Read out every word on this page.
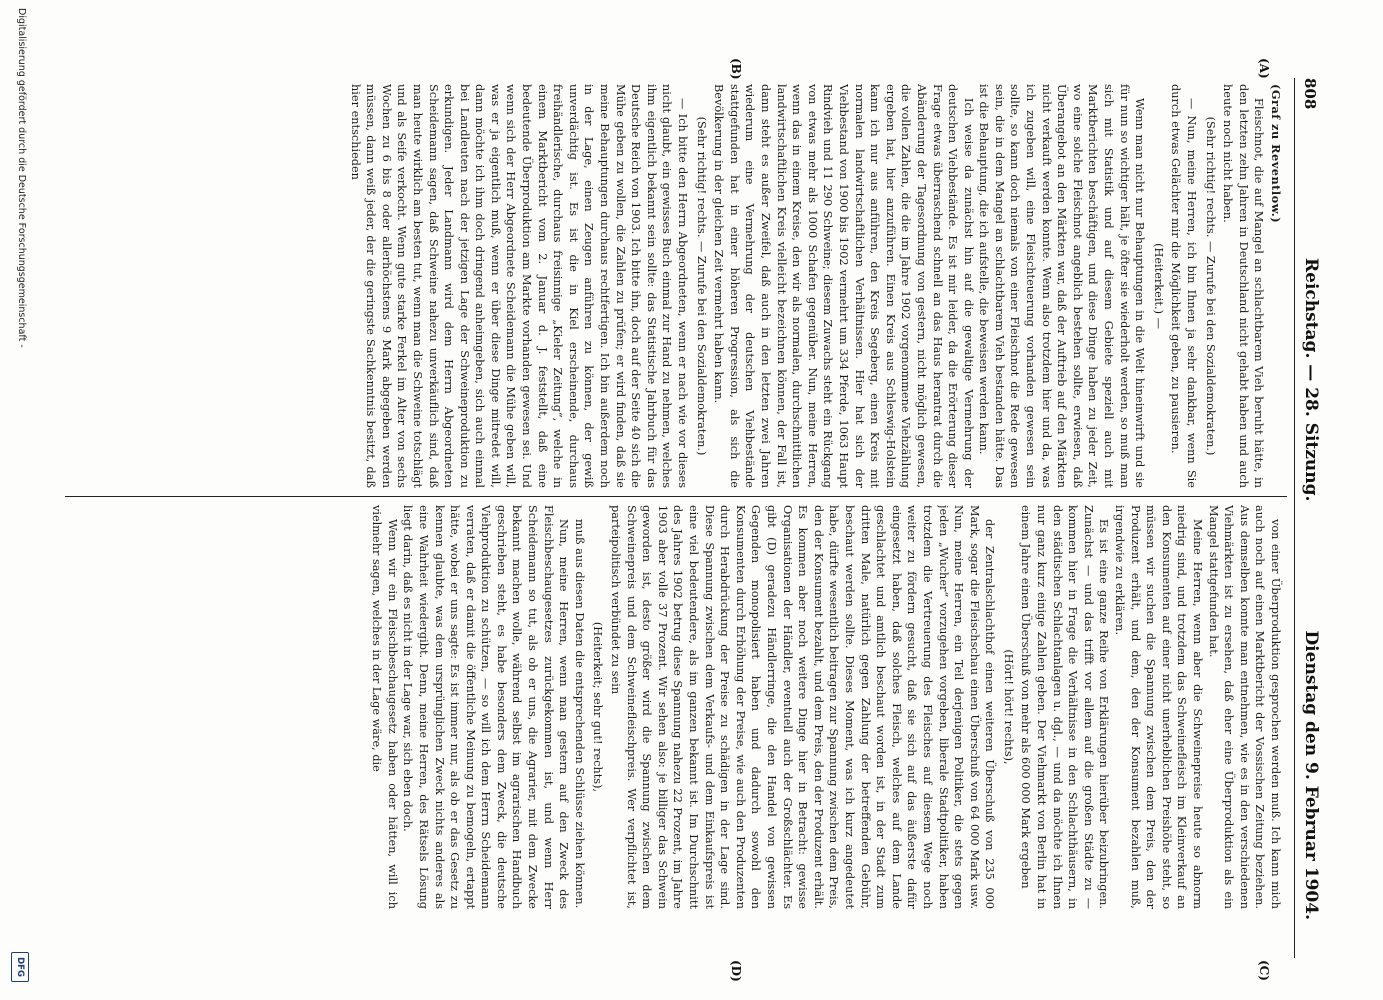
808
Reichstag. — 28. Sitzung.
Dienstag den 9. Februar 1904.
(A)
(B)
(C)
(D)

(Graf zu Reventlow.)

Fleischnot, die auf Mangel an schlachtbarem Vieh beruht hätte, in den letzten zehn Jahren in Deutschland nicht gehabt haben und auch heute noch nicht haben.

(Sehr richtig! rechts. — Zurufe bei den Sozialdemokraten.)

— Nun, meine Herren, ich bin Ihnen ja sehr dankbar, wenn Sie durch etwas Gelächter mir die Möglichkeit geben, zu pausieren.

(Heiterkeit.) —

Wenn man nicht nur Behauptungen in die Welt hineinwirft und sie für nun so wichtiger hält, je öfter sie wiederholt werden, so muß man sich mit Statistik und auf diesem Gebiete speziell auch mit Marktberichten beschäftigen, und diese Dinge haben zu jeder Zeit, wo eine solche Fleischnot angeblich bestehen sollte, erwiesen, daß Überangebot an den Märkten war, daß der Auftrieb auf den Märkten nicht verkauft werden konnte. Wenn also trotzdem hier und da, was ich zugeben will, eine Fleischteuerung vorhanden gewesen sein sollte, so kann doch niemals von einer Fleischnot die Rede gewesen sein, die in dem Mangel an schlachtbarem Vieh bestanden hätte. Das ist die Behauptung, die ich aufstelle, die beweisen werden kann.

Ich weise da zunächst hin auf die gewaltige Vermehrung der deutschen Viehbestände. Es ist mir leider, da die Erörterung dieser Frage etwas überraschend schnell an das Haus herantrat durch die Abänderung der Tagesordnung von gestern, nicht möglich gewesen, die vollen Zahlen, die die im Jahre 1902 vorgenommene Viehzählung ergeben hat, hier anzuführen. Einen Kreis aus Schleswig-Holstein kann ich nur aus anführen, den Kreis Segeberg, einen Kreis mit normalen landwirtschaftlichen Verhältnissen. Hier hat sich der Viehbestand von 1900 bis 1902 vermehrt um 334 Pferde, 1063 Haupt Rindvieh und 11 290 Schweine; diesem Zuwachs steht ein Rückgang von etwas mehr als 1000 Schafen gegenüber. Nun, meine Herren, wenn das in einem Kreise, den wir als normalen, durchschnittlichen landwirtschaftlichen Kreis vielleicht bezeichnen können, der Fall ist, dann steht es außer Zweifel, daß auch in den letzten zwei Jahren wiederum eine Vermehrung der deutschen Viehbestände stattgefunden hat in einer höheren Progression, als sich die Bevölkerung in der gleichen Zeit vermehrt haben kann.

(Sehr richtig! rechts. — Zurufe bei den Sozialdemokraten.)

— Ich bitte den Herrn Abgeordneten, wenn er nach wie vor dieses nicht glaubt, ein gewisses Buch einmal zur Hand zu nehmen, welches ihm eigentlich bekannt sein sollte: das Statistische Jahrbuch für das Deutsche Reich von 1903. Ich bitte ihn, doch auf der Seite 40 sich die Mühe geben zu wollen, die Zahlen zu prüfen; er wird finden, daß sie meine Behauptungen durchaus rechtfertigen. Ich bin außerdem noch in der Lage, einen Zeugen anführen zu können, der gewiß unverdächtig ist. Es ist die in Kiel erscheinende, durchaus freihändlerische, durchaus freisinnige „Kieler Zeitung“, welche in einem Marktbericht vom 2. Januar d. J. feststellt, daß eine bedeutende Überproduktion am Markte vorhanden gewesen sei. Und wenn sich der Herr Abgeordnete Scheidemann die Mühe geben will, was er ja eigentlich muß, wenn er über diese Dinge mitredet will, dann möchte ich ihm doch dringend anheimgeben, sich auch einmal bei Landleuten nach der jetzigen Lage der Schweineproduktion zu erkundigen. Jeder Landmann wird dem Herrn Abgeordneten Scheidemann sagen, daß Schweine nahezu unverkäuflich sind, daß man heute wirklich am besten tut, wenn man die Schweine totschlägt und als Seife verkocht. Wenn gute starke Ferkel im Alter von sechs Wochen zu 6 bis 8 oder allerhöchstens 9 Mark abgegeben werden müssen, dann weiß jeder, der die geringste Sachkenntnis besitzt, daß hier entschieden

von einer Überproduktion gesprochen werden muß. Ich kann mich auch noch auf einen Marktbericht der Vossischen Zeitung beziehen. Aus demselben konnte man entnehmen, wie es in den verschiedenen Viehmärkten ist zu ersehen, daß eher eine Überproduktion als ein Mangel stattgefunden hat.

Meine Herren, wenn aber die Schweinepreise heute so abnorm niedrig sind, und trotzdem das Schweinefleisch im Kleinverkauf an den Konsumenten auf einer nicht unerheblichen Preishöhe steht, so müssen wir suchen die Spannung zwischen dem Preis, den der Produzent erhält, und dem, den der Konsument bezahlen muß, irgendwie zu erklären.

Es ist eine ganze Reihe von Erklärungen hierüber beizubringen. Zunächst — und das trifft vor allem auf die großen Städte zu — kommen hier in Frage die Verhältnisse in den Schlachthäusern, in den städtischen Schlachtanlagen u. dgl., — und da möchte ich Ihnen nur ganz kurz einige Zahlen geben. Der Viehmarkt von Berlin hat in einem Jahre einen Überschuß von mehr als 600 000 Mark ergeben

(Hört! hört! rechts),

der Zentralschlachthof einen weiteren Überschuß von 235 000 Mark, sogar die Fleischschau einen Überschuß von 64 000 Mark usw. Nun, meine Herren, ein Teil derjenigen Politiker, die stets gegen jeden „Wucher“ vorzugehen vorgeben, liberale Stadtpolitiker, haben trotzdem die Vertreuerung des Fleisches auf diesem Wege noch weiter zu fördern gesucht, daß sie sich auf das äußerste dafür eingesetzt haben, daß solches Fleisch, welches auf dem Lande geschlachtet und amtlich beschaut worden ist, in der Stadt zum dritten Male, natürlich gegen Zahlung der betreffenden Gebühr, beschaut werden sollte. Dieses Moment, was ich kurz angedeutet habe, dürfte wesentlich beitragen zur Spannung zwischen dem Preis, den der Konsument bezahlt, und dem Preis, den der Produzent erhält. Es kommen aber noch weitere Dinge hier in Betracht: gewisse Organisationen der Händler, eventuell auch der Großschlächter. Es gibt (D) geradezu Händlerringe, die den Handel von gewissen Gegenden monopolisiert haben und dadurch sowohl den Konsumenten durch Erhöhung der Preise, wie auch den Produzenten durch Herabdrückung der Preise zu schädigen in der Lage sind. Diese Spannung zwischen dem Verkaufs- und dem Einkaufspreis ist eine viel bedeutendere, als im ganzen bekannt ist. Im Durchschnitt des Jahres 1902 betrug diese Spannung nahezu 22 Prozent, im Jahre 1903 aber volle 37 Prozent. Wir sehen also: je billiger das Schwein geworden ist, desto größer wird die Spannung zwischen dem Schweinepreis und dem Schweinefleischpreis. Wer verpflichtet ist, parteipolitisch verbündet zu sein

(Heiterkeit; sehr gut! rechts),

muß aus diesen Daten die entsprechenden Schlüsse ziehen können.

Nun, meine Herren, wenn man gestern auf den Zweck des Fleischbeschaugesetzes zurückgekommen ist, und wenn Herr Scheidemann so tut, als ob er uns, die Agrarier, mit dem Zwecke bekannt machen wolle, während selbst im agrarischen Handbuch geschrieben steht, es habe besonders dem Zweck, die deutsche Viehproduktion zu schützen, — so will ich dem Herrn Scheidemann verraten, daß er damit die öffentliche Meinung zu bemogeln, ertappt hätte, wobei er uns sagte: Es ist immer nur, als ob er das Gesetz zu kennen glaubte, was dem ursprünglichen Zweck nichts anderes als eine Wahrheit wiedergibt. Denn, meine Herren, des Rätsels Lösung liegt darin, daß es nicht in der Lage war, sich eben doch.

Wenn wir ein Fleischbeschaugesetz haben oder hätten, will ich vielmehr sagen, welches in der Lage wäre, die

Digitalisierung gefördert durch die Deutsche Forschungsgemeinschaft -
DFG
